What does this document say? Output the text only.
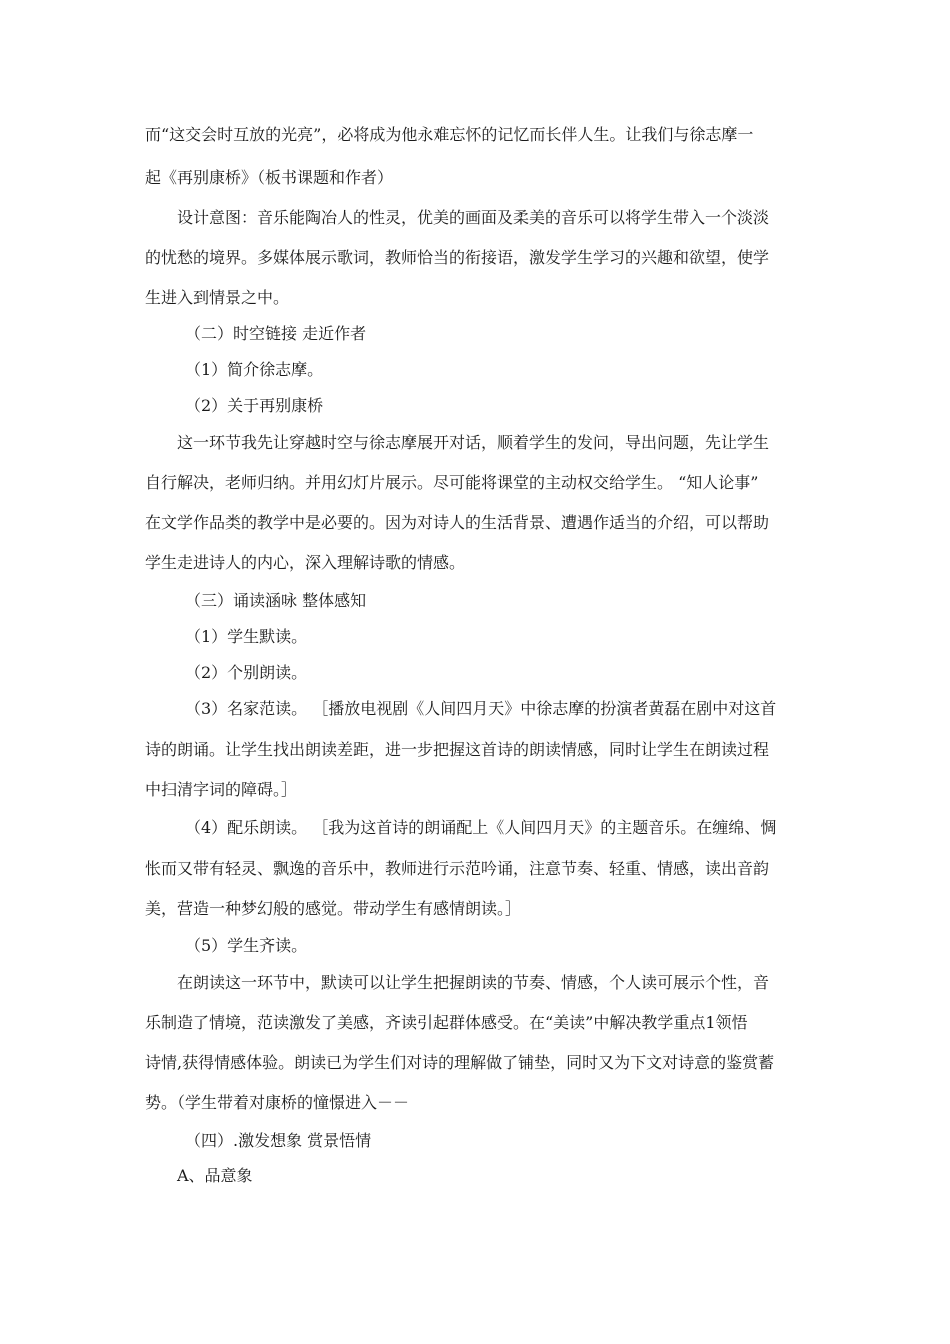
而“这交会时互放的光亮”，必将成为他永难忘怀的记忆而长伴人生。让我们与徐志摩一
起《再别康桥》（板书课题和作者）
设计意图：音乐能陶冶人的性灵，优美的画面及柔美的音乐可以将学生带入一个淡淡
的忧愁的境界。多媒体展示歌词，教师恰当的衔接语，激发学生学习的兴趣和欲望，使学
生进入到情景之中。
（二）时空链接 走近作者
（1）简介徐志摩。
（2）关于再别康桥
这一环节我先让穿越时空与徐志摩展开对话，顺着学生的发问，导出问题，先让学生
自行解决，老师归纳。并用幻灯片展示。尽可能将课堂的主动权交给学生。 “知人论事”
在文学作品类的教学中是必要的。因为对诗人的生活背景、遭遇作适当的介绍，可以帮助
学生走进诗人的内心，深入理解诗歌的情感。
（三）诵读涵咏 整体感知
（1）学生默读。
（2）个别朗读。
（3）名家范读。 ［播放电视剧《人间四月天》中徐志摩的扮演者黄磊在剧中对这首
诗的朗诵。让学生找出朗读差距，进一步把握这首诗的朗读情感，同时让学生在朗读过程
中扫清字词的障碍。］
（4）配乐朗读。 ［我为这首诗的朗诵配上《人间四月天》的主题音乐。在缠绵、惆
怅而又带有轻灵、飘逸的音乐中，教师进行示范吟诵，注意节奏、轻重、情感，读出音韵
美，营造一种梦幻般的感觉。带动学生有感情朗读。］
（5）学生齐读。
在朗读这一环节中，默读可以让学生把握朗读的节奏、情感，个人读可展示个性，音
乐制造了情境，范读激发了美感，齐读引起群体感受。在“美读”中解决教学重点1领悟
诗情,获得情感体验。朗读已为学生们对诗的理解做了铺垫，同时又为下文对诗意的鉴赏蓄
势。（学生带着对康桥的憧憬进入－－
（四）.激发想象 赏景悟情
A、品意象
